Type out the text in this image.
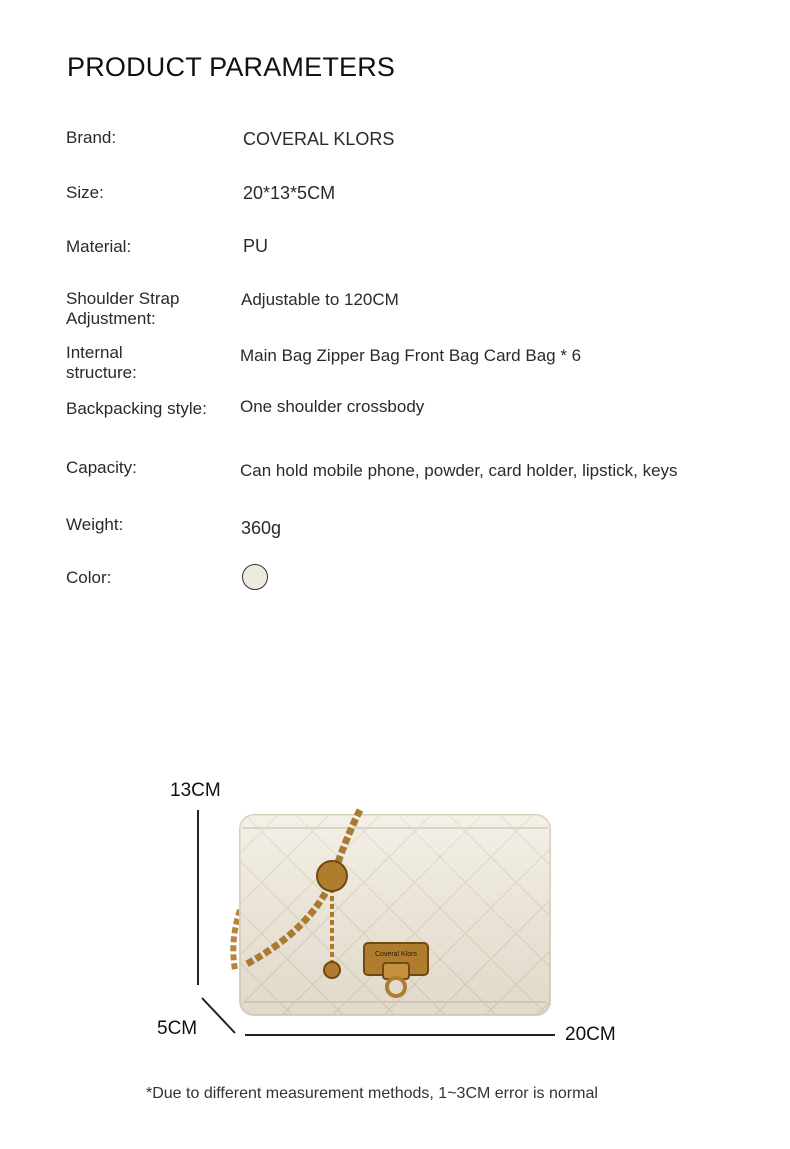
PRODUCT PARAMETERS
Brand:	COVERAL KLORS
Size:	20*13*5CM
Material:	PU
Shoulder Strap
Adjustment:
Adjustable to 120CM
Internal
structure:
Main Bag Zipper Bag Front Bag Card Bag * 6
Backpacking style: One shoulder crossbody
Capacity:	Can hold mobile phone, powder, card holder, lipstick, keys
Weight:	360g
Color:
13CM
5CM	20CM
Coveral Klors
*Due to different measurement methods, 1~3CM error is normal
